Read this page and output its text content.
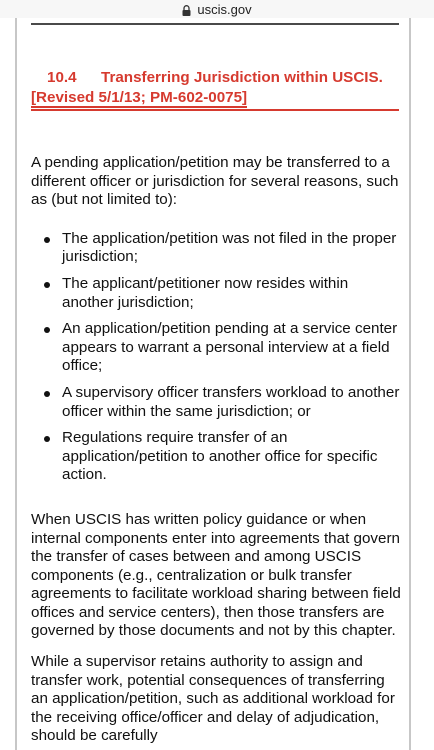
uscis.gov
10.4 Transferring Jurisdiction within USCIS.
[Revised 5/1/13; PM-602-0075]

A pending application/petition may be transferred to a different officer or jurisdiction for several reasons, such as (but not limited to):

The application/petition was not filed in the proper jurisdiction;
The applicant/petitioner now resides within another jurisdiction;
An application/petition pending at a service center appears to warrant a personal interview at a field office;
A supervisory officer transfers workload to another officer within the same jurisdiction; or
Regulations require transfer of an application/petition to another office for specific action.

When USCIS has written policy guidance or when internal components enter into agreements that govern the transfer of cases between and among USCIS components (e.g., centralization or bulk transfer agreements to facilitate workload sharing between field offices and service centers), then those transfers are governed by those documents and not by this chapter.

While a supervisor retains authority to assign and transfer work, potential consequences of transferring an application/petition, such as additional workload for the receiving office/officer and delay of adjudication, should be carefully
